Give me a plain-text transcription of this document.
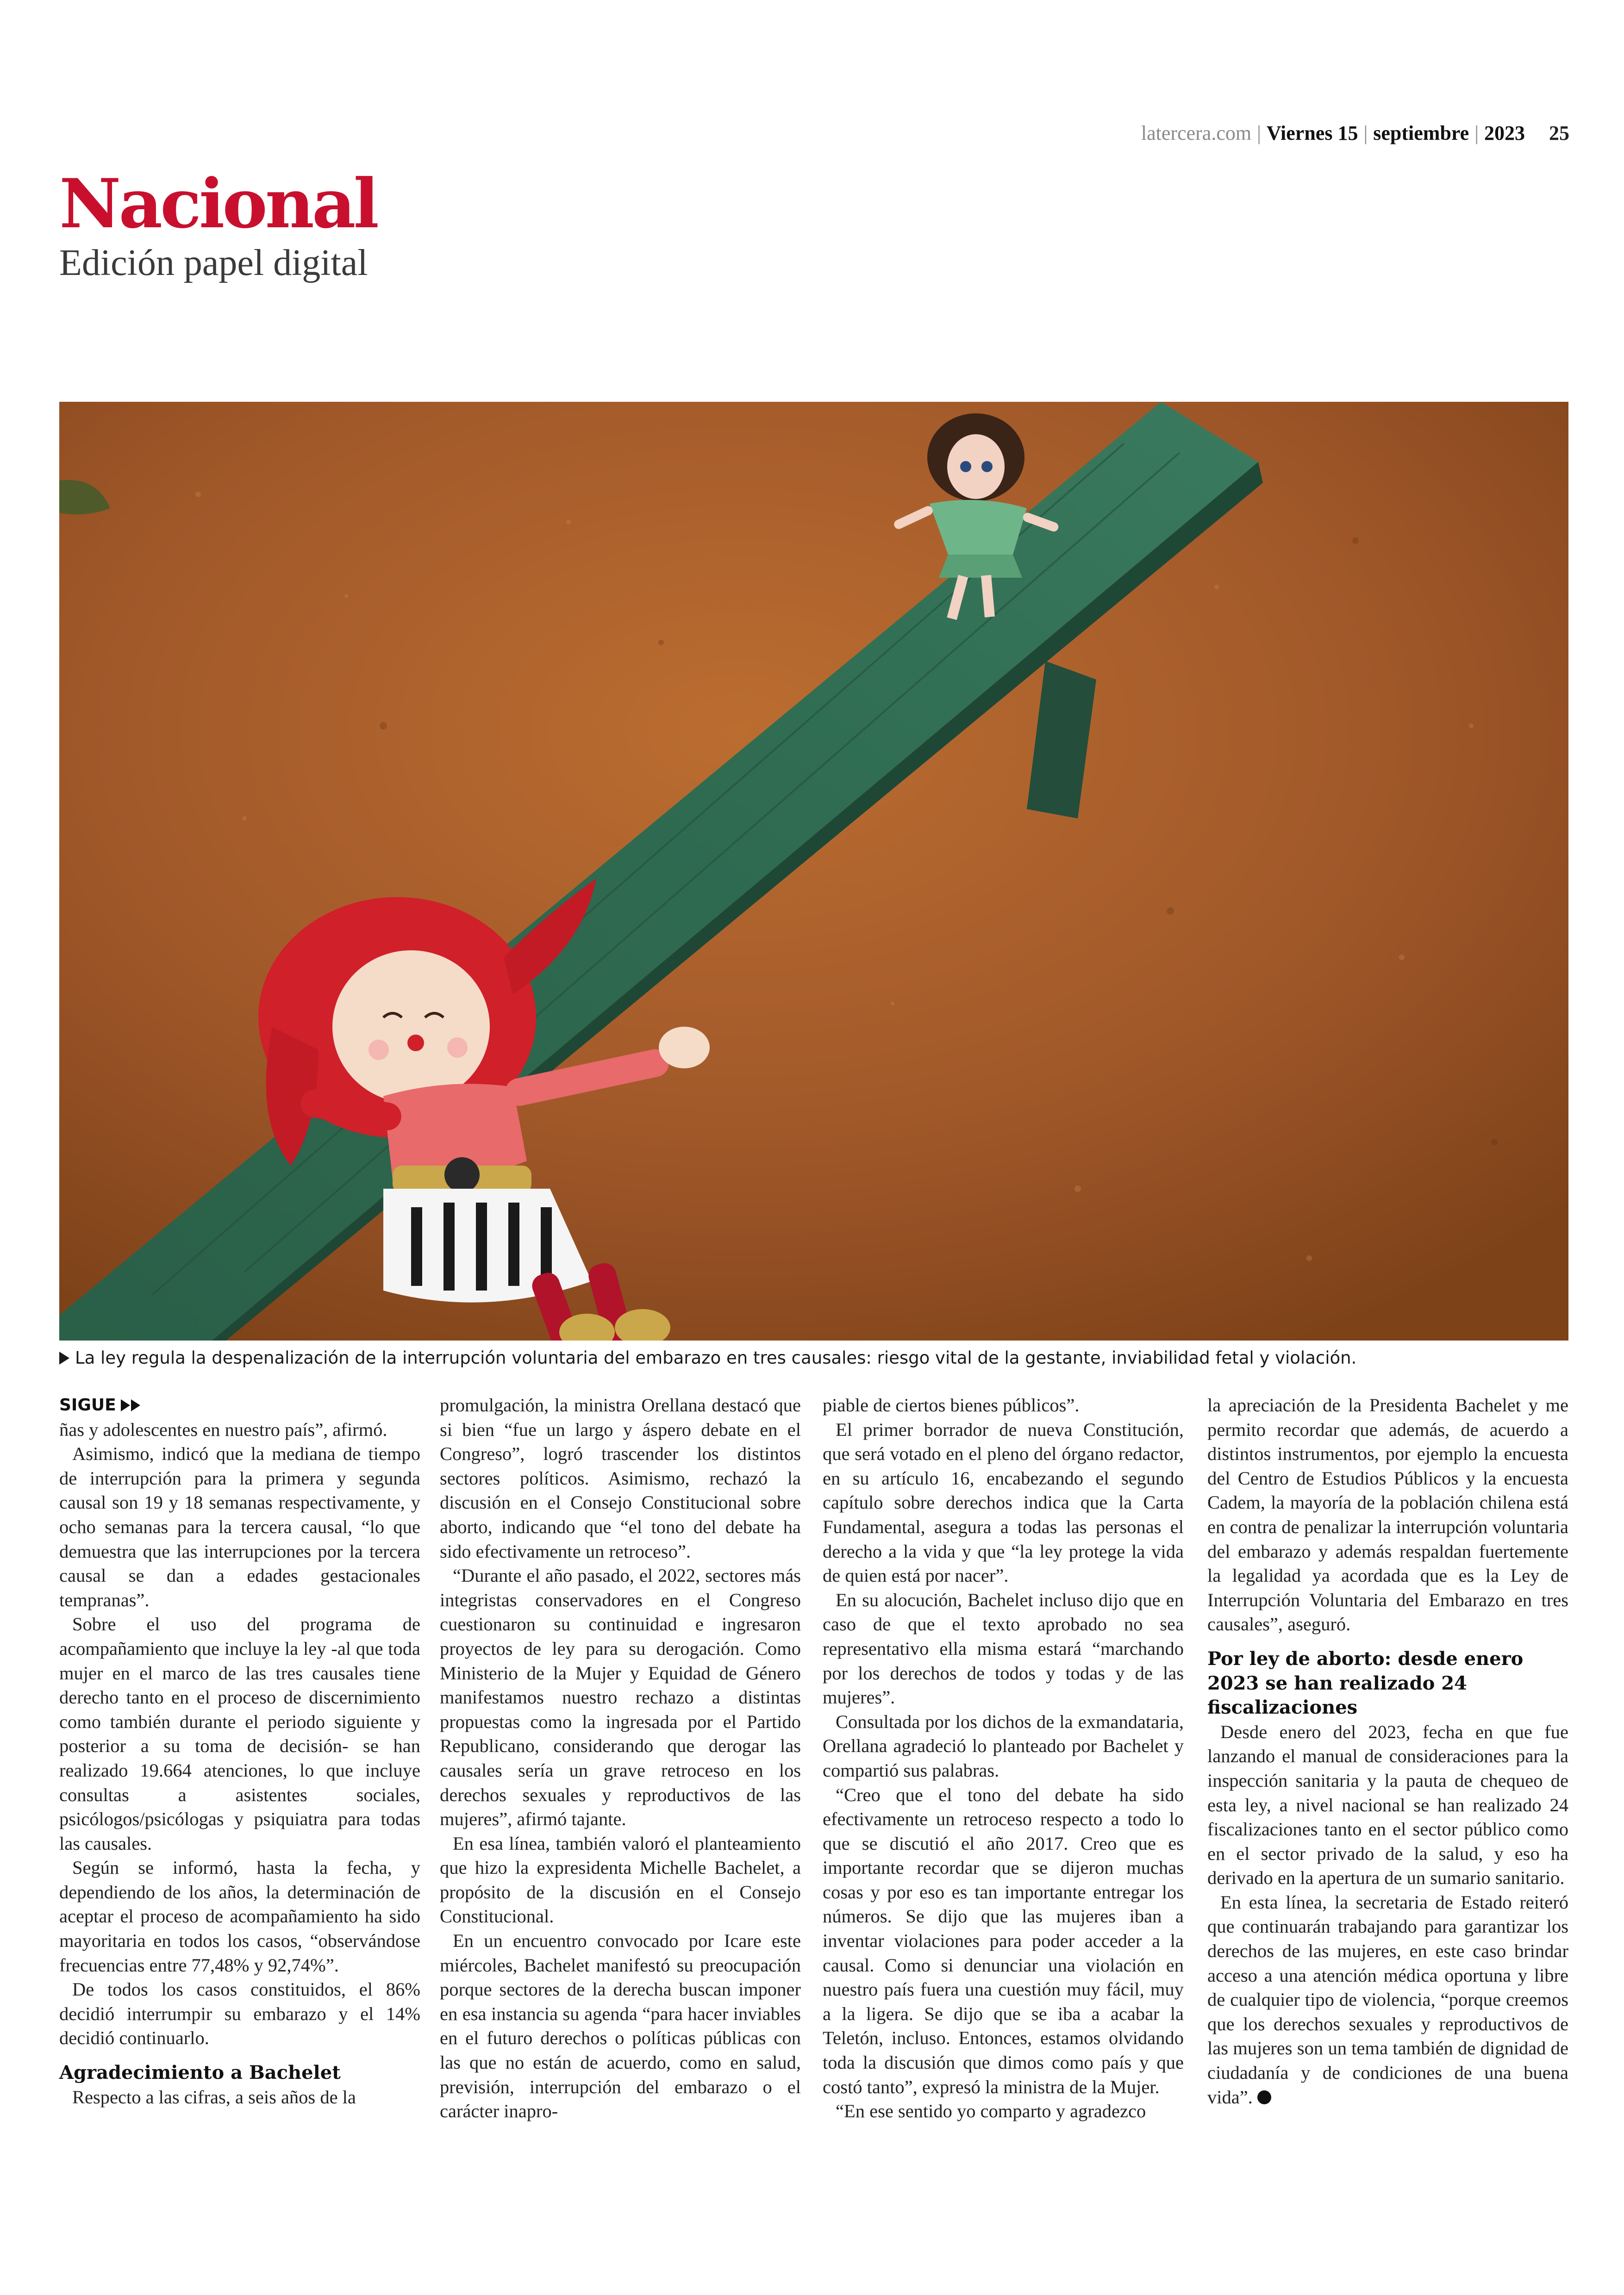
latercera.com | Viernes 15 | septiembre | 2023 25
Nacional
Edición papel digital
La ley regula la despenalización de la interrupción voluntaria del embarazo en tres causales: riesgo vital de la gestante, inviabilidad fetal y violación.
SIGUE

ñas y adolescentes en nuestro país”, afirmó.

Asimismo, indicó que la mediana de tiempo de interrupción para la primera y segunda causal son 19 y 18 semanas respectivamente, y ocho semanas para la tercera causal, “lo que demuestra que las interrupciones por la tercera causal se dan a edades gestacionales tempranas”.

Sobre el uso del programa de acompañamiento que incluye la ley -al que toda mujer en el marco de las tres causales tiene derecho tanto en el proceso de discernimiento como también durante el periodo siguiente y posterior a su toma de decisión- se han realizado 19.664 atenciones, lo que incluye consultas a asistentes sociales, psicólogos/psicólogas y psiquiatra para todas las causales.

Según se informó, hasta la fecha, y dependiendo de los años, la determinación de aceptar el proceso de acompañamiento ha sido mayoritaria en todos los casos, “observándose frecuencias entre 77,48% y 92,74%”.

De todos los casos constituidos, el 86% decidió interrumpir su embarazo y el 14% decidió continuarlo.

Agradecimiento a Bachelet

Respecto a las cifras, a seis años de la

promulgación, la ministra Orellana destacó que si bien “fue un largo y áspero debate en el Congreso”, logró trascender los distintos sectores políticos. Asimismo, rechazó la discusión en el Consejo Constitucional sobre aborto, indicando que “el tono del debate ha sido efectivamente un retroceso”.

“Durante el año pasado, el 2022, sectores más integristas conservadores en el Congreso cuestionaron su continuidad e ingresaron proyectos de ley para su derogación. Como Ministerio de la Mujer y Equidad de Género manifestamos nuestro rechazo a distintas propuestas como la ingresada por el Partido Republicano, considerando que derogar las causales sería un grave retroceso en los derechos sexuales y reproductivos de las mujeres”, afirmó tajante.

En esa línea, también valoró el planteamiento que hizo la expresidenta Michelle Bachelet, a propósito de la discusión en el Consejo Constitucional.

En un encuentro convocado por Icare este miércoles, Bachelet manifestó su preocupación porque sectores de la derecha buscan imponer en esa instancia su agenda “para hacer inviables en el futuro derechos o políticas públicas con las que no están de acuerdo, como en salud, previsión, interrupción del embarazo o el carácter inapro-

piable de ciertos bienes públicos”.

El primer borrador de nueva Constitución, que será votado en el pleno del órgano redactor, en su artículo 16, encabezando el segundo capítulo sobre derechos indica que la Carta Fundamental, asegura a todas las personas el derecho a la vida y que “la ley protege la vida de quien está por nacer”.

En su alocución, Bachelet incluso dijo que en caso de que el texto aprobado no sea representativo ella misma estará “marchando por los derechos de todos y todas y de las mujeres”.

Consultada por los dichos de la exmandataria, Orellana agradeció lo planteado por Bachelet y compartió sus palabras.

“Creo que el tono del debate ha sido efectivamente un retroceso respecto a todo lo que se discutió el año 2017. Creo que es importante recordar que se dijeron muchas cosas y por eso es tan importante entregar los números. Se dijo que las mujeres iban a inventar violaciones para poder acceder a la causal. Como si denunciar una violación en nuestro país fuera una cuestión muy fácil, muy a la ligera. Se dijo que se iba a acabar la Teletón, incluso. Entonces, estamos olvidando toda la discusión que dimos como país y que costó tanto”, expresó la ministra de la Mujer.

“En ese sentido yo comparto y agradezco

la apreciación de la Presidenta Bachelet y me permito recordar que además, de acuerdo a distintos instrumentos, por ejemplo la encuesta del Centro de Estudios Públicos y la encuesta Cadem, la mayoría de la población chilena está en contra de penalizar la interrupción voluntaria del embarazo y además respaldan fuertemente la legalidad ya acordada que es la Ley de Interrupción Voluntaria del Embarazo en tres causales”, aseguró.

Por ley de aborto: desde enero 2023 se han realizado 24 fiscalizaciones

Desde enero del 2023, fecha en que fue lanzando el manual de consideraciones para la inspección sanitaria y la pauta de chequeo de esta ley, a nivel nacional se han realizado 24 fiscalizaciones tanto en el sector público como en el sector privado de la salud, y eso ha derivado en la apertura de un sumario sanitario.

En esta línea, la secretaria de Estado reiteró que continuarán trabajando para garantizar los derechos de las mujeres, en este caso brindar acceso a una atención médica oportuna y libre de cualquier tipo de violencia, “porque creemos que los derechos sexuales y reproductivos de las mujeres son un tema también de dignidad de ciudadanía y de condiciones de una buena vida”.
